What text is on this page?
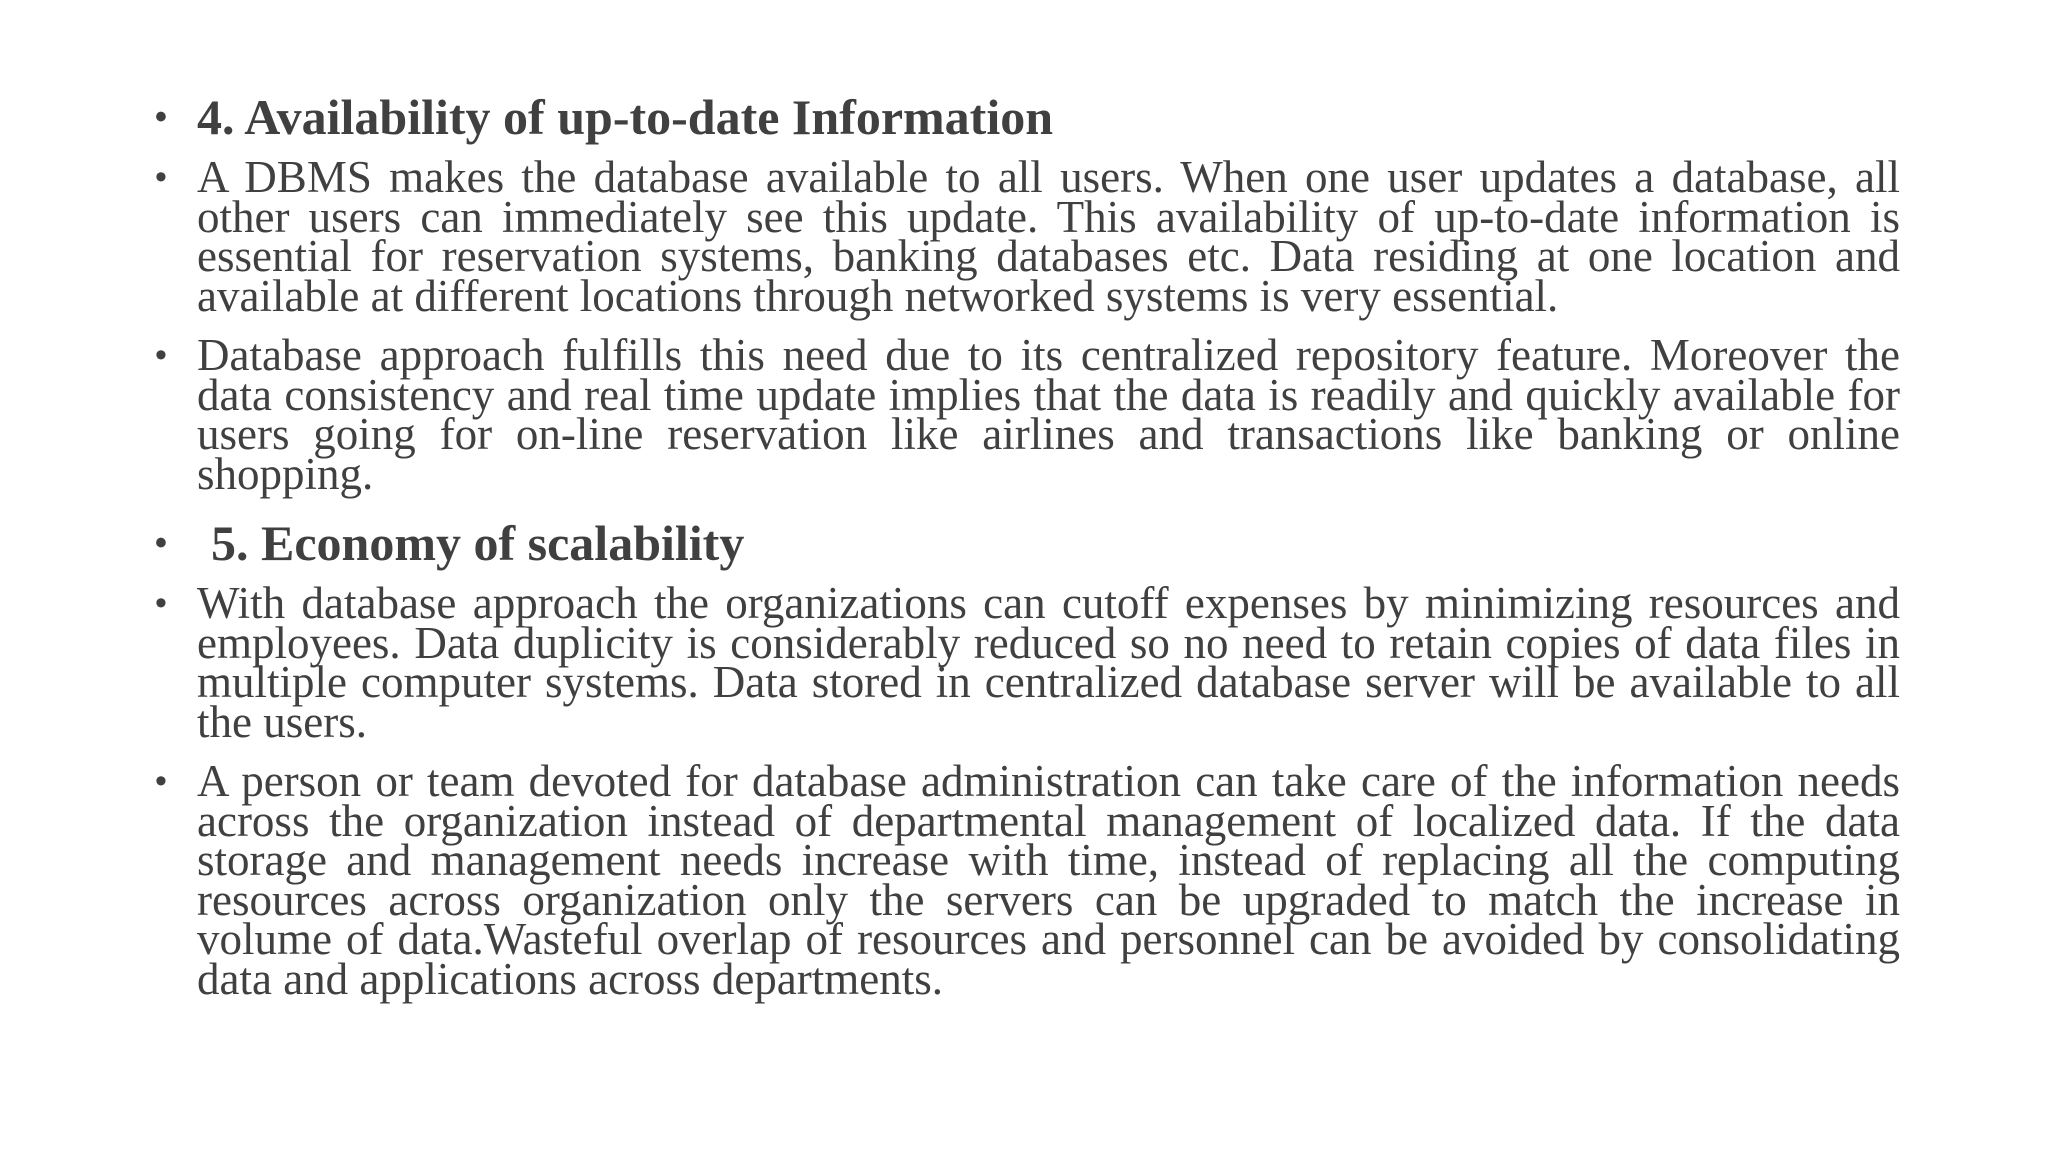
• 4. Availability of up-to-date Information
• A DBMS makes the database available to all users. When one user updates a database, all other users can immediately see this update. This availability of up-to-date information is essential for reservation systems, banking databases etc. Data residing at one location and available at different locations through networked systems is very essential.
• Database approach fulfills this need due to its centralized repository feature. Moreover the data consistency and real time update implies that the data is readily and quickly available for users going for on-line reservation like airlines and transactions like banking or online shopping.
• 5. Economy of scalability
• With database approach the organizations can cutoff expenses by minimizing resources and employees. Data duplicity is considerably reduced so no need to retain copies of data files in multiple computer systems. Data stored in centralized database server will be available to all the users.
• A person or team devoted for database administration can take care of the information needs across the organization instead of departmental management of localized data. If the data storage and management needs increase with time, instead of replacing all the computing resources across organization only the servers can be upgraded to match the increase in volume of data.Wasteful overlap of resources and personnel can be avoided by consolidating data and applications across departments.
